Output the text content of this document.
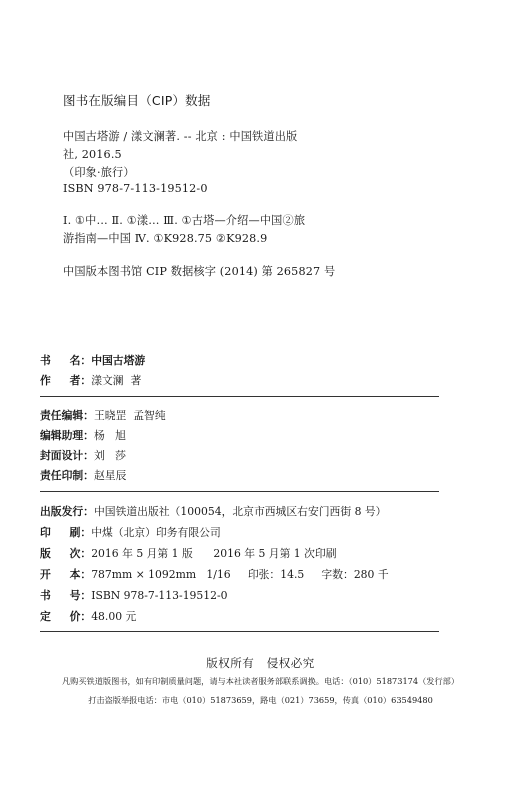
图书在版编目（CIP）数据
中国古塔游 / 漾文澜著. -- 北京 : 中国铁道出版
社, 2016.5
（印象·旅行）
ISBN 978-7-113-19512-0
Ⅰ. ①中… Ⅱ. ①漾… Ⅲ. ①古塔—介绍—中国②旅
游指南—中国 Ⅳ. ①K928.75 ②K928.9
中国版本图书馆 CIP 数据核字 (2014) 第 265827 号
书     名：中国古塔游
作     者：漾文澜  著
责任编辑：王晓罡  孟智纯
编辑助理：杨   旭
封面设计：刘   莎
责任印制：赵星辰
出版发行：中国铁道出版社（100054，北京市西城区右安门西街 8 号）
印     刷：中煤（北京）印务有限公司
版     次：2016 年 5 月第 1 版      2016 年 5 月第 1 次印刷
开     本：787mm × 1092mm   1/16     印张：14.5     字数：280 千
书     号：ISBN 978-7-113-19512-0
定     价：48.00 元
版权所有   侵权必究
凡购买铁道版图书，如有印制质量问题，请与本社读者服务部联系调换。电话：（010）51873174（发行部）
打击盗版举报电话：市电（010）51873659，路电（021）73659，传真（010）63549480
